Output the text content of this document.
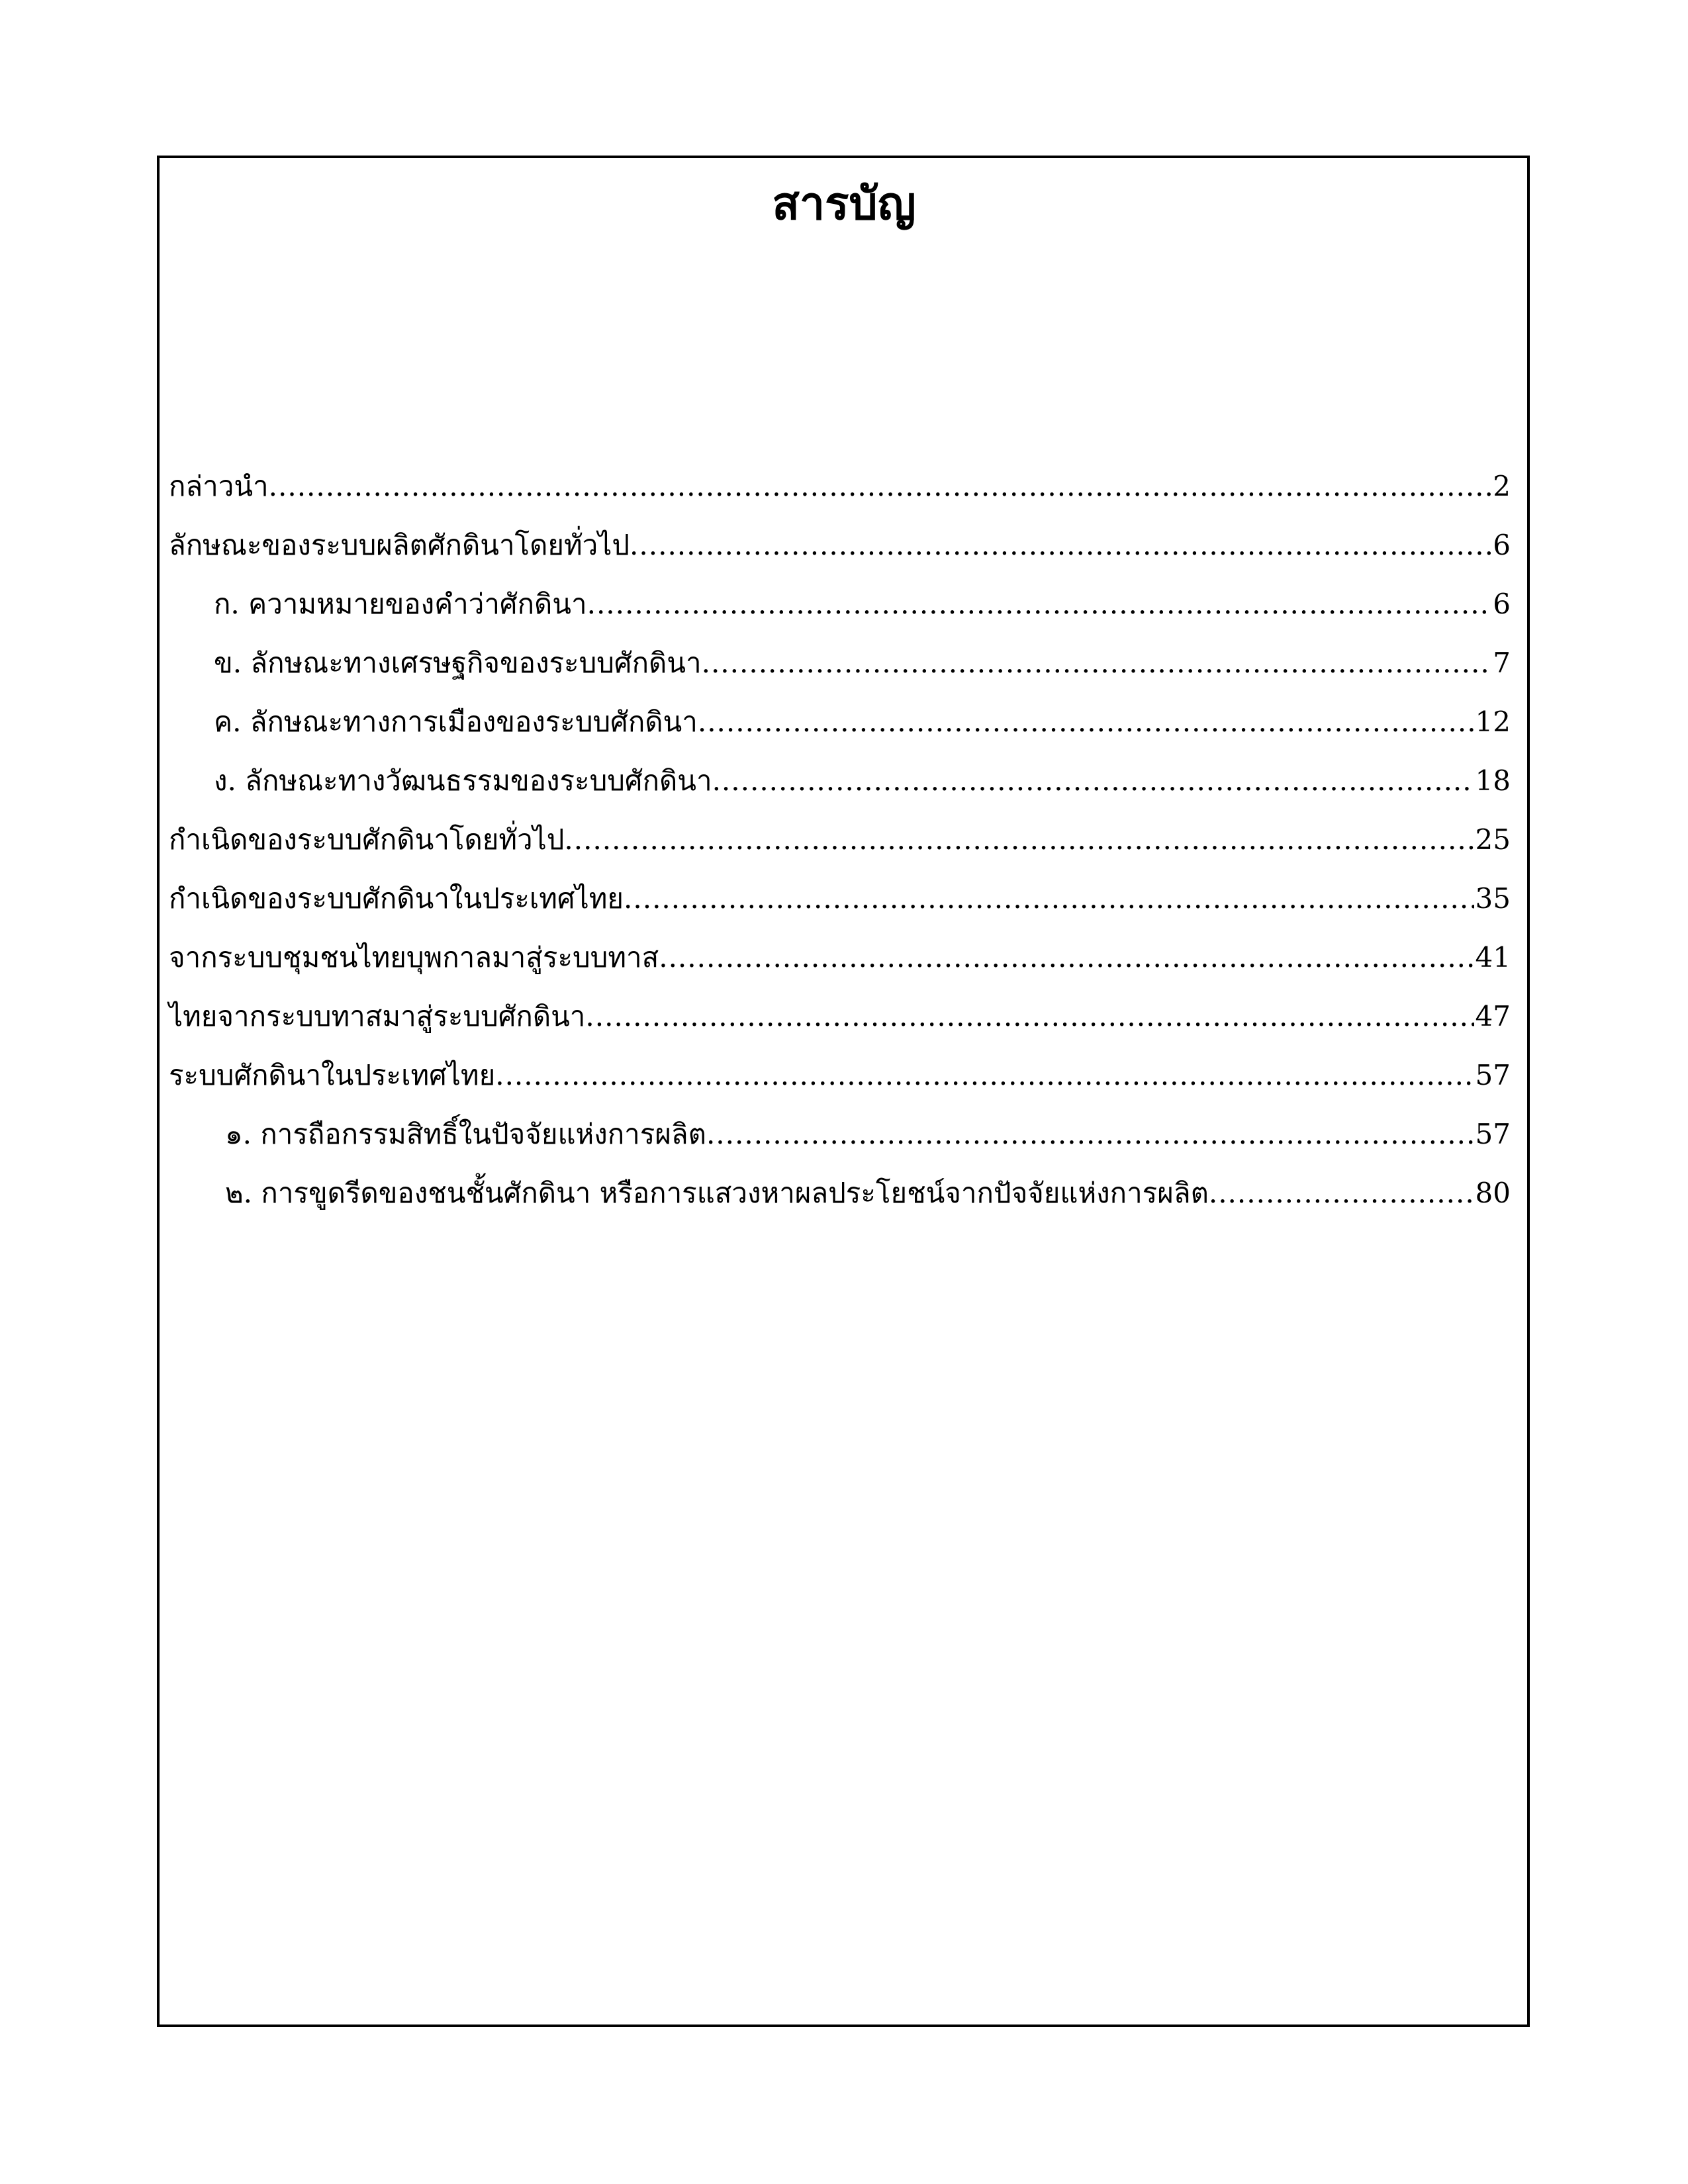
สารบัญ
กล่าวนำ .....	2
ลักษณะของระบบผลิตศักดินาโดยทั่วไป .....	6
ก. ความหมายของคำว่าศักดินา .....	6
ข. ลักษณะทางเศรษฐกิจของระบบศักดินา .....	7
ค. ลักษณะทางการเมืองของระบบศักดินา .....	12
ง. ลักษณะทางวัฒนธรรมของระบบศักดินา .....	18
กำเนิดของระบบศักดินาโดยทั่วไป .....	25
กำเนิดของระบบศักดินาในประเทศไทย .....	35
จากระบบชุมชนไทยบุพกาลมาสู่ระบบทาส .....	41
ไทยจากระบบทาสมาสู่ระบบศักดินา .....	47
ระบบศักดินาในประเทศไทย .....	57
๑. การถือกรรมสิทธิ์ในปัจจัยแห่งการผลิต .....	57
๒. การขูดรีดของชนชั้นศักดินา หรือการแสวงหาผลประโยชน์จากปัจจัยแห่งการผลิต .....	80
